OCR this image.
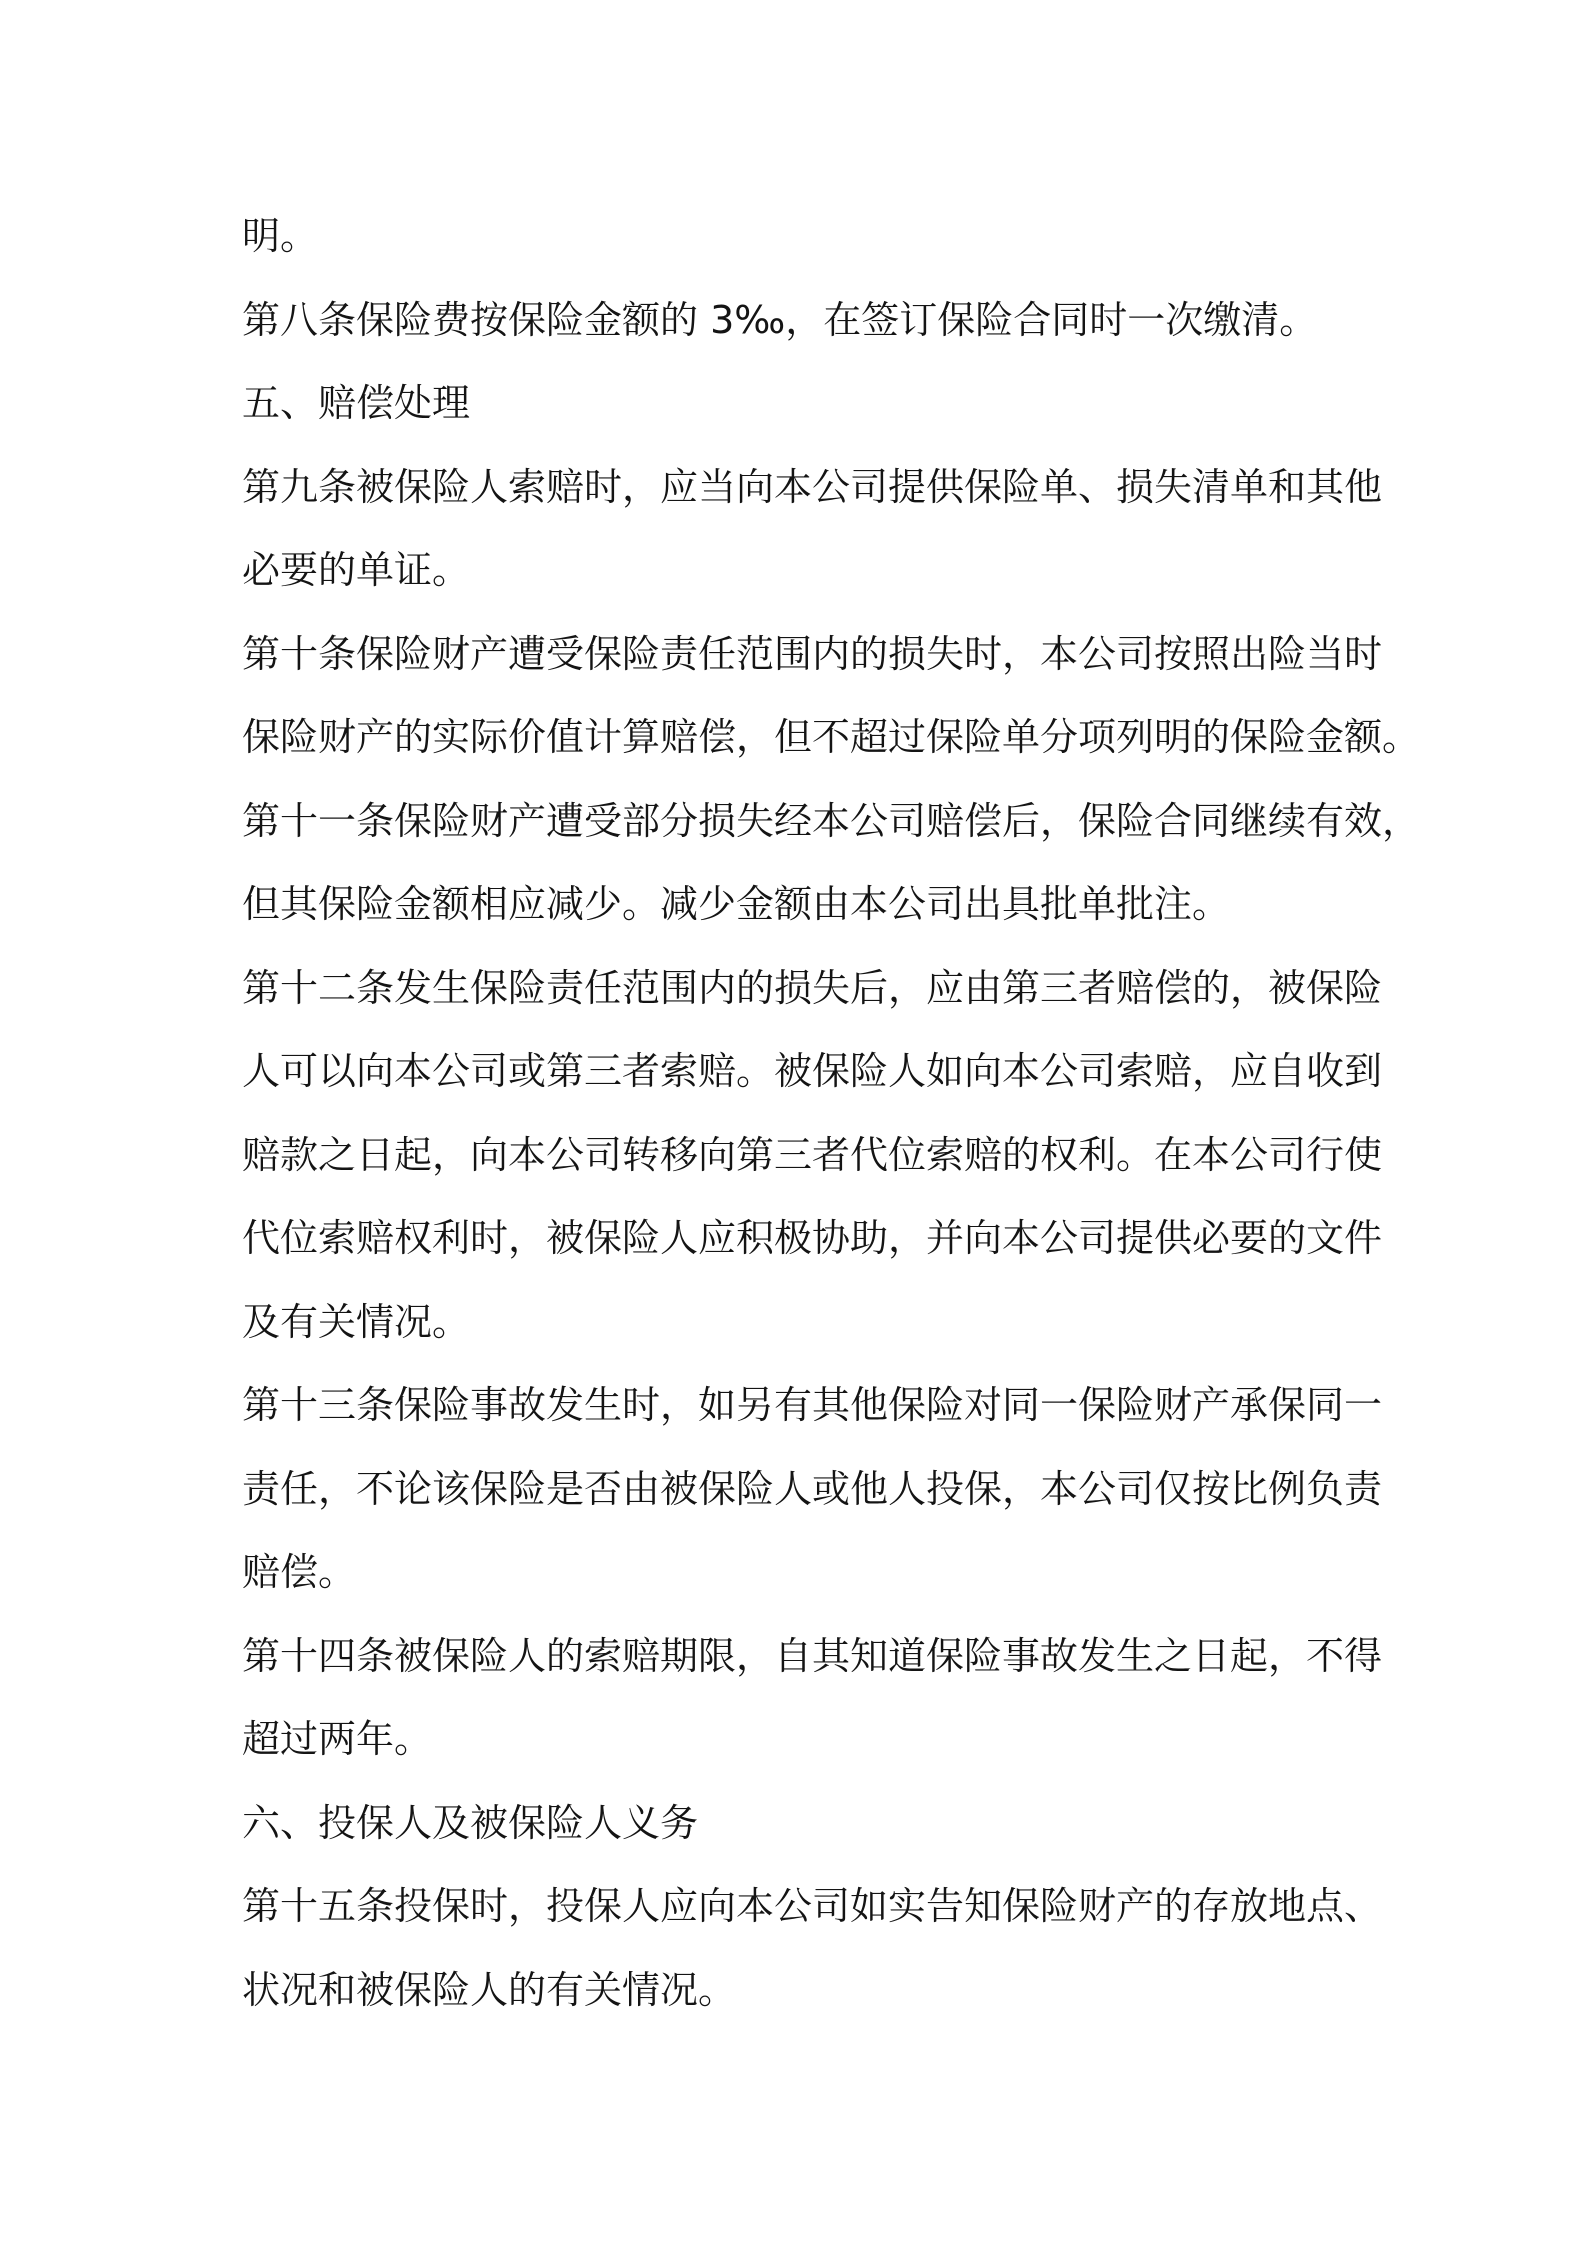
明。

第八条保险费按保险金额的 3‰，在签订保险合同时一次缴清。

五、赔偿处理

第九条被保险人索赔时，应当向本公司提供保险单、损失清单和其他

必要的单证。

第十条保险财产遭受保险责任范围内的损失时，本公司按照出险当时

保险财产的实际价值计算赔偿，但不超过保险单分项列明的保险金额。

第十一条保险财产遭受部分损失经本公司赔偿后，保险合同继续有效，

但其保险金额相应减少。减少金额由本公司出具批单批注。

第十二条发生保险责任范围内的损失后，应由第三者赔偿的，被保险

人可以向本公司或第三者索赔。被保险人如向本公司索赔，应自收到

赔款之日起，向本公司转移向第三者代位索赔的权利。在本公司行使

代位索赔权利时，被保险人应积极协助，并向本公司提供必要的文件

及有关情况。

第十三条保险事故发生时，如另有其他保险对同一保险财产承保同一

责任，不论该保险是否由被保险人或他人投保，本公司仅按比例负责

赔偿。

第十四条被保险人的索赔期限，自其知道保险事故发生之日起，不得

超过两年。

六、投保人及被保险人义务

第十五条投保时，投保人应向本公司如实告知保险财产的存放地点、

状况和被保险人的有关情况。
